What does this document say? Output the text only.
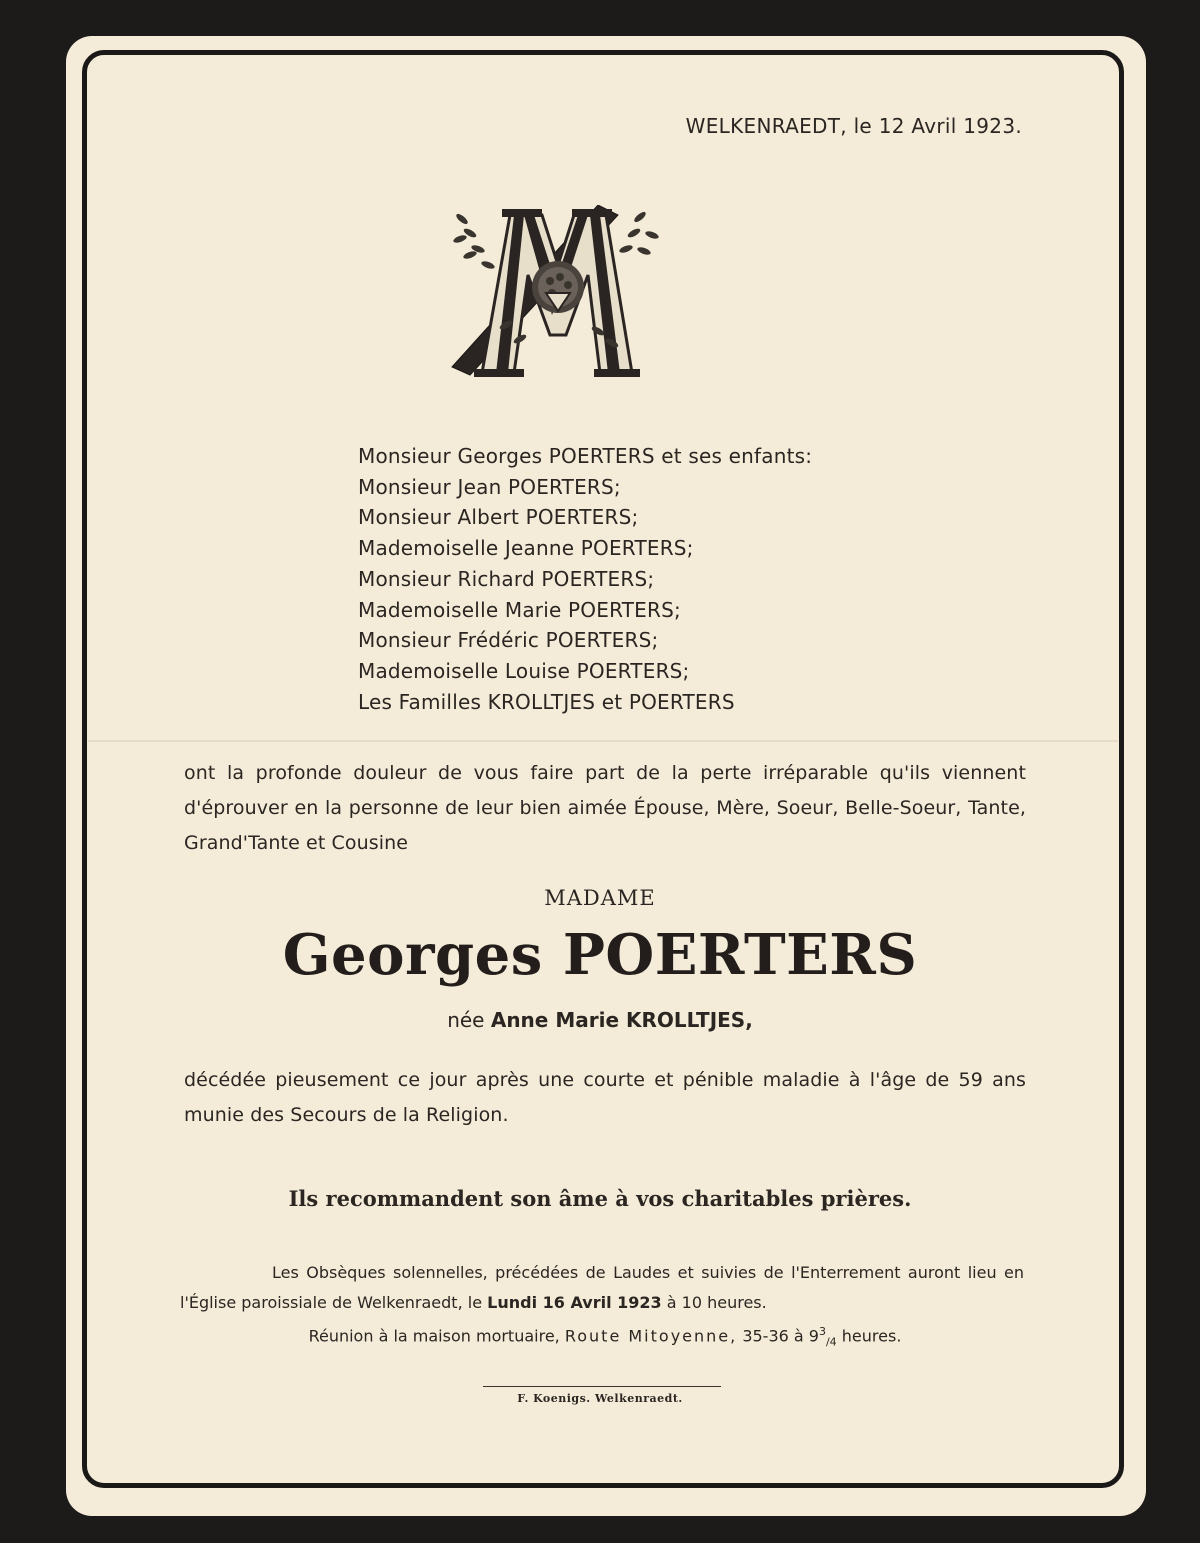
WELKENRAEDT, le 12 Avril 1923.
Monsieur Georges POERTERS et ses enfants:
Monsieur Jean POERTERS;
Monsieur Albert POERTERS;
Mademoiselle Jeanne POERTERS;
Monsieur Richard POERTERS;
Mademoiselle Marie POERTERS;
Monsieur Frédéric POERTERS;
Mademoiselle Louise POERTERS;
Les Familles KROLLTJES et POERTERS
ont la profonde douleur de vous faire part de la perte irréparable qu'ils viennent d'éprouver en la personne de leur bien aimée Épouse, Mère, Soeur, Belle-Soeur, Tante, Grand'Tante et Cousine
MADAME
Georges POERTERS
née Anne Marie KROLLTJES,
décédée pieusement ce jour après une courte et pénible maladie à l'âge de 59 ans munie des Secours de la Religion.
Ils recommandent son âme à vos charitables prières.
Les Obsèques solennelles, précédées de Laudes et suivies de l'Enterrement auront lieu en l'Église paroissiale de Welkenraedt, le Lundi 16 Avril 1923 à 10 heures.
Réunion à la maison mortuaire, Route Mitoyenne, 35-36 à $9^3_{/4}$ heures.
F. Koenigs. Welkenraedt.
